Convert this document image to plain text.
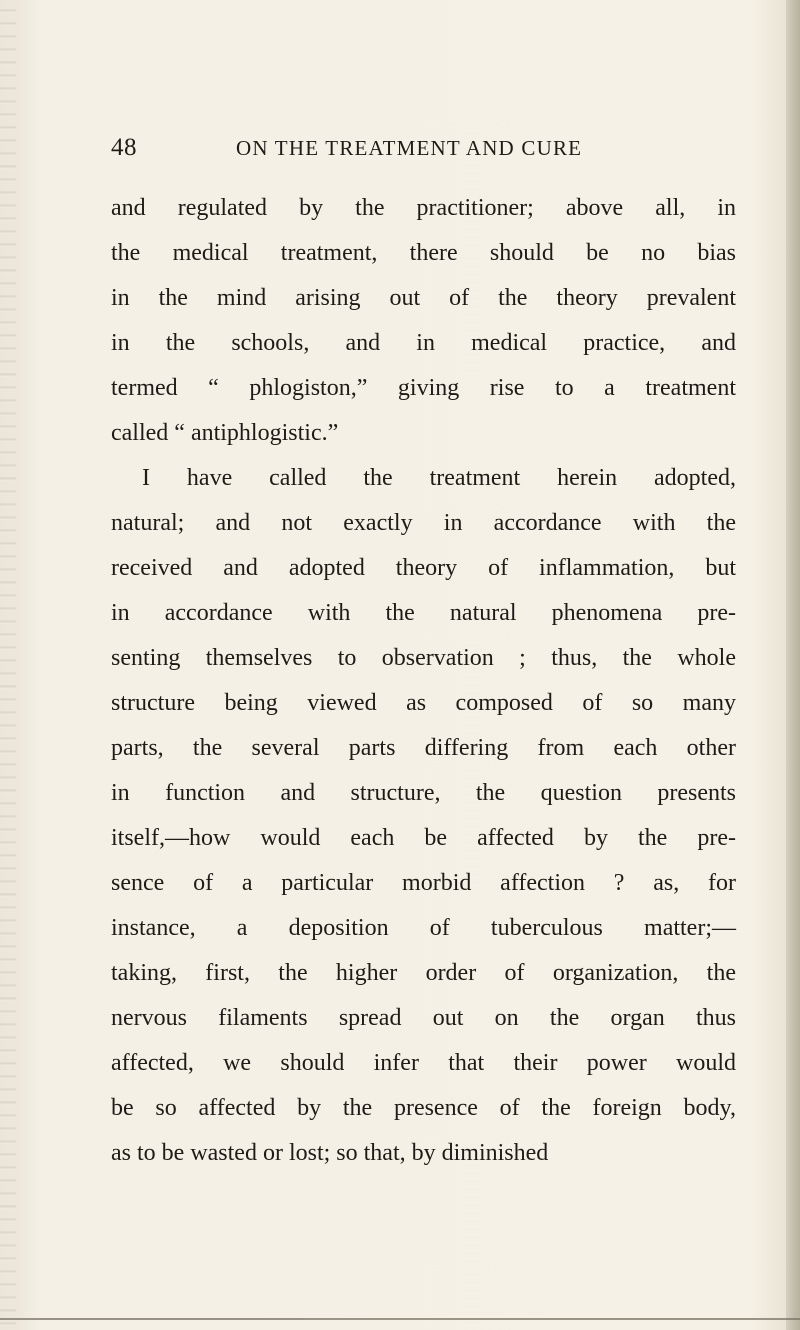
48	ON THE TREATMENT AND CURE
and regulated by the practitioner; above all, in
the medical treatment, there should be no bias
in the mind arising out of the theory prevalent
in the schools, and in medical practice, and
termed “ phlogiston,” giving rise to a treatment
called “ antiphlogistic.”
I have called the treatment herein adopted,
natural; and not exactly in accordance with the
received and adopted theory of inflammation, but
in accordance with the natural phenomena pre-
senting themselves to observation ; thus, the whole
structure being viewed as composed of so many
parts, the several parts differing from each other
in function and structure, the question presents
itself,—how would each be affected by the pre-
sence of a particular morbid affection ? as, for
instance, a deposition of tuberculous matter;—
taking, first, the higher order of organization, the
nervous filaments spread out on the organ thus
affected, we should infer that their power would
be so affected by the presence of the foreign body,
as to be wasted or lost; so that, by diminished
